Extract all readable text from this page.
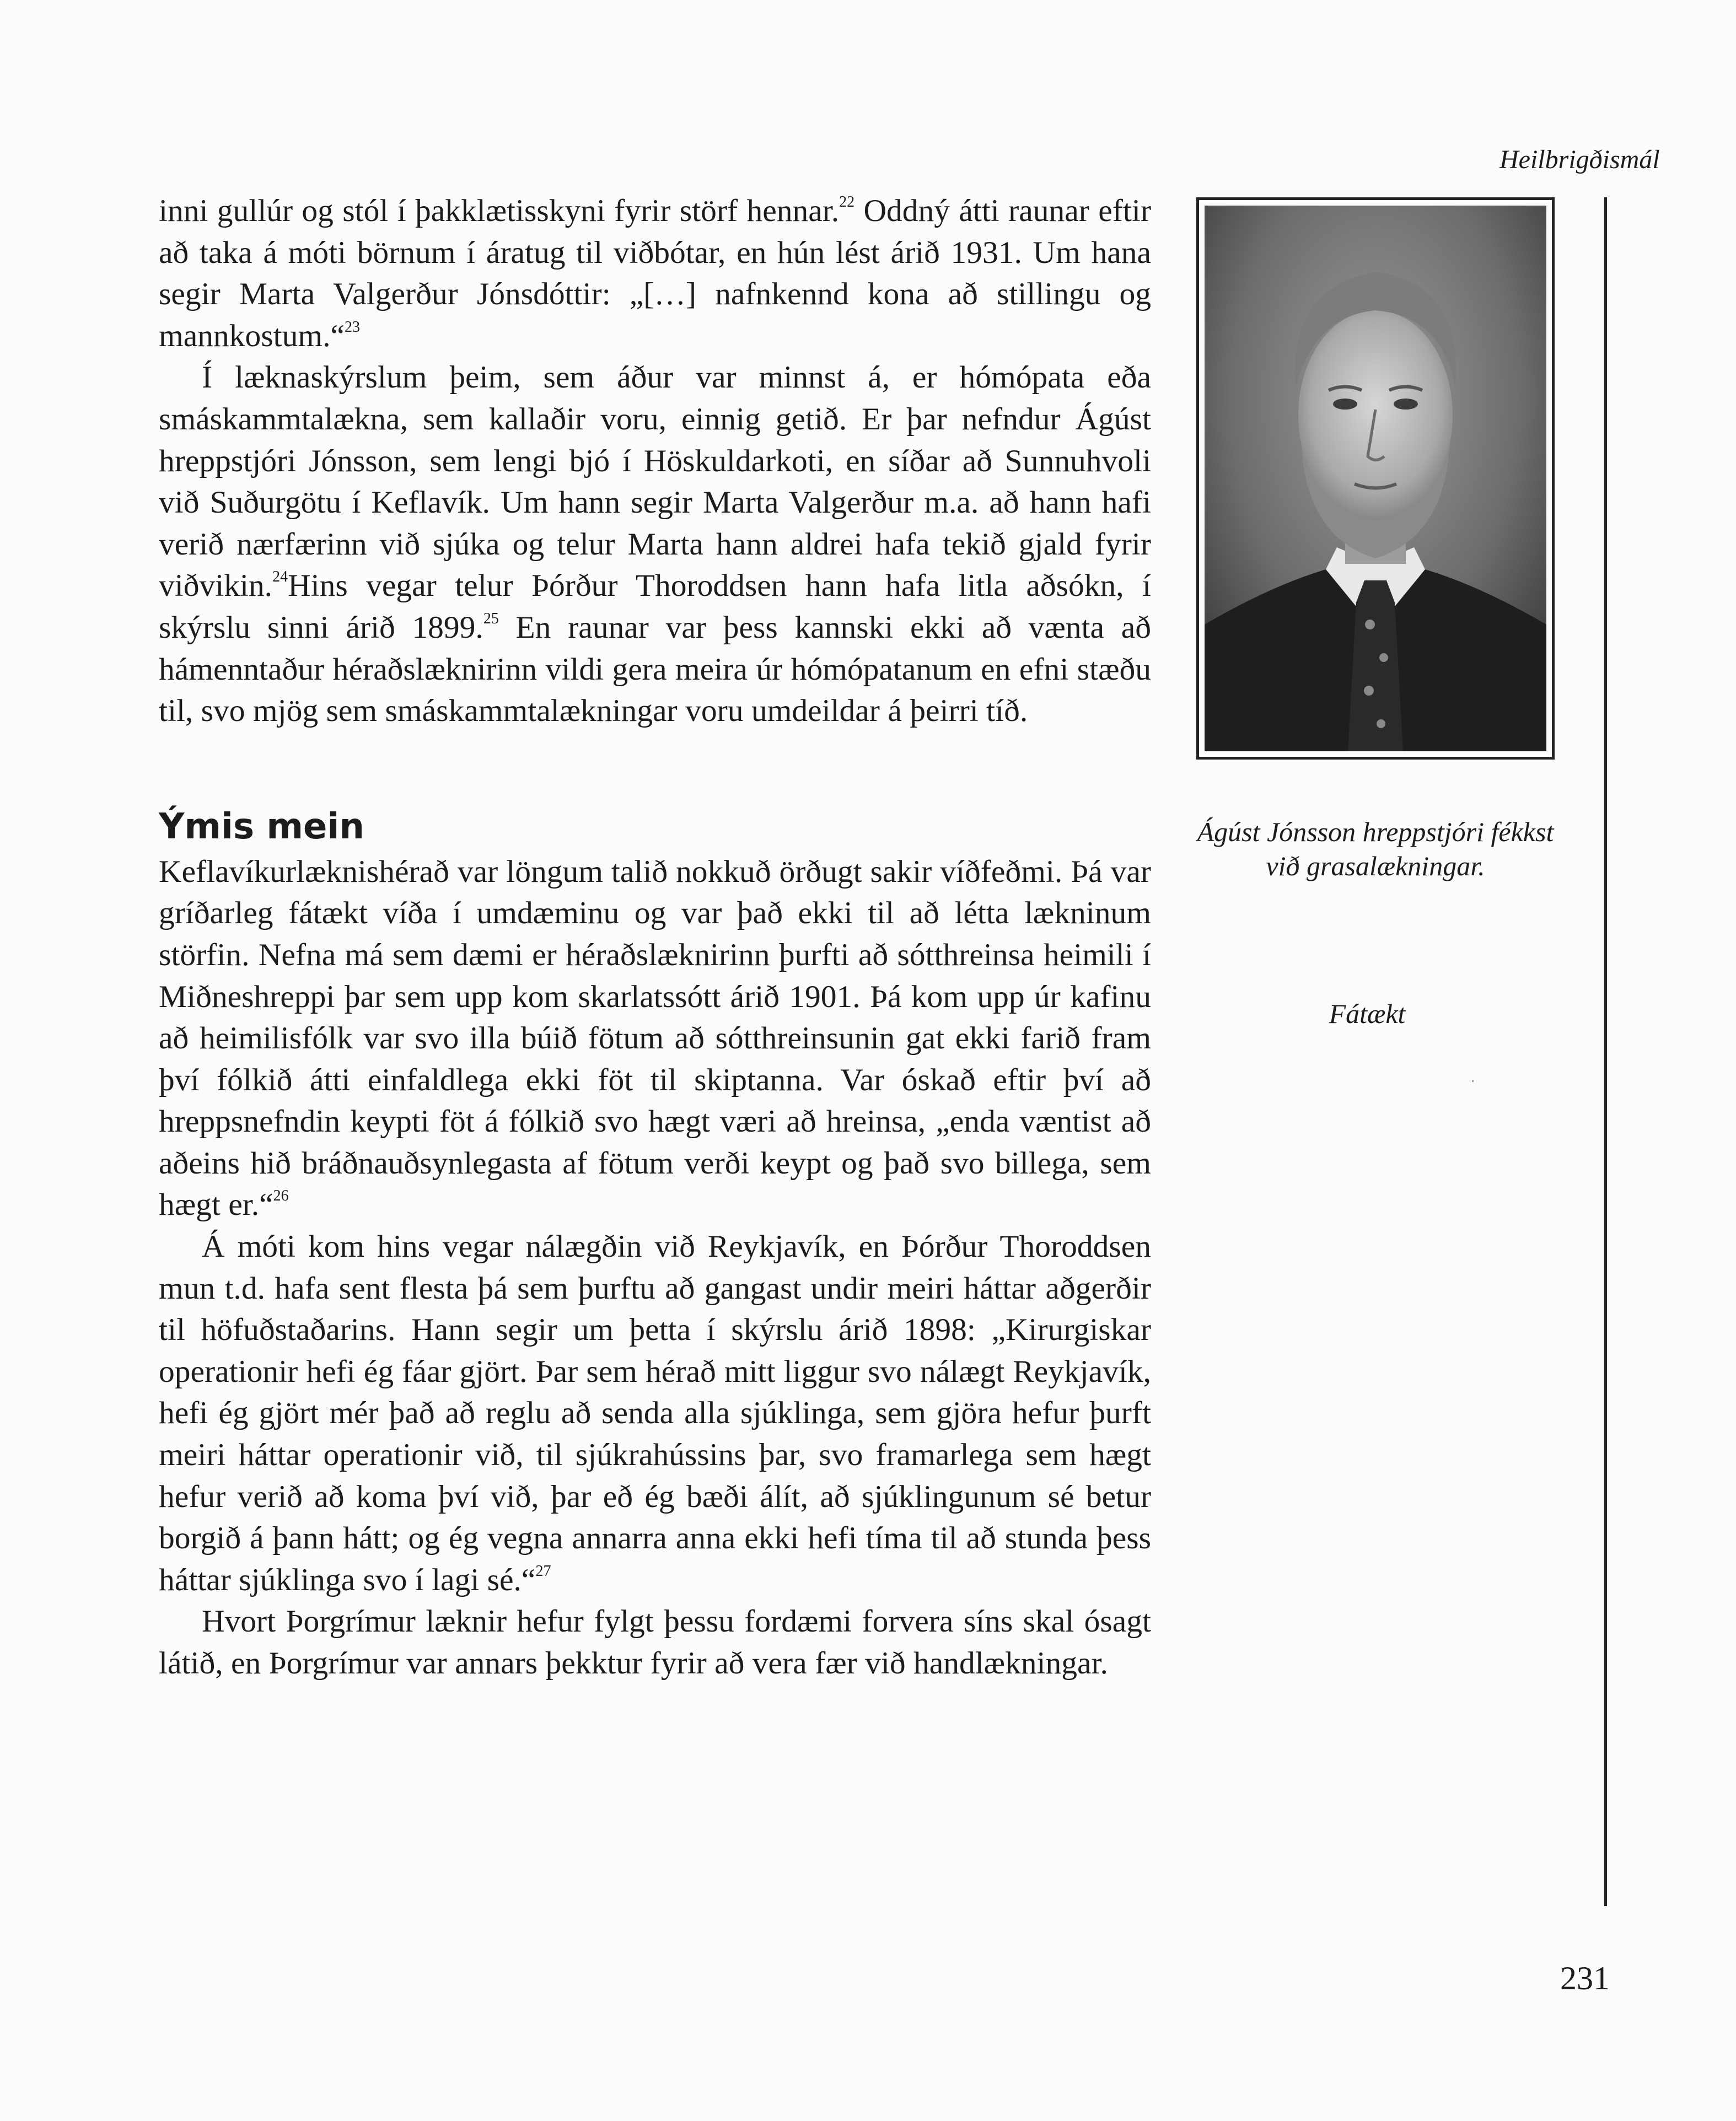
Heilbrigðismál

inni gullúr og stól í þakklætisskyni fyrir störf hennar.$^{22}$ Oddný átti raunar eftir að taka á móti börnum í áratug til viðbótar, en hún lést árið 1931. Um hana segir Marta Valgerður Jónsdóttir: „[…] nafnkennd kona að stillingu og mannkostum.“$^{23}$

Í læknaskýrslum þeim, sem áður var minnst á, er hómópata eða smáskammtalækna, sem kallaðir voru, einnig getið. Er þar nefndur Ágúst hreppstjóri Jónsson, sem lengi bjó í Höskuldarkoti, en síðar að Sunnuhvoli við Suðurgötu í Keflavík. Um hann segir Marta Valgerður m.a. að hann hafi verið nærfærinn við sjúka og telur Marta hann aldrei hafa tekið gjald fyrir viðvikin.$^{24}$Hins vegar telur Þórður Thoroddsen hann hafa litla aðsókn, í skýrslu sinni árið 1899.25 En raunar var þess kannski ekki að vænta að hámenntaður héraðslæknirinn vildi gera meira úr hómópatanum en efni stæðu til, svo mjög sem smáskammtalækningar voru umdeildar á þeirri tíð.

Ýmis mein

Keflavíkurlæknishérað var löngum talið nokkuð örðugt sakir víðfeðmi. Þá var gríðarleg fátækt víða í umdæminu og var það ekki til að létta lækninum störfin. Nefna má sem dæmi er héraðslæknirinn þurfti að sótthreinsa heimili í Miðneshreppi þar sem upp kom skarlatssótt árið 1901. Þá kom upp úr kafinu að heimilisfólk var svo illa búið fötum að sótthreinsunin gat ekki farið fram því fólkið átti einfaldlega ekki föt til skiptanna. Var óskað eftir því að hreppsnefndin keypti föt á fólkið svo hægt væri að hreinsa, „enda væntist að aðeins hið bráðnauðsynlegasta af fötum verði keypt og það svo billega, sem hægt er.“$^{26}$

Á móti kom hins vegar nálægðin við Reykjavík, en Þórður Thoroddsen mun t.d. hafa sent flesta þá sem þurftu að gangast undir meiri háttar aðgerðir til höfuðstaðarins. Hann segir um þetta í skýrslu árið 1898: „Kirurgiskar operationir hefi ég fáar gjört. Þar sem hérað mitt liggur svo nálægt Reykjavík, hefi ég gjört mér það að reglu að senda alla sjúklinga, sem gjöra hefur þurft meiri háttar operationir við, til sjúkrahússins þar, svo framarlega sem hægt hefur verið að koma því við, þar eð ég bæði álít, að sjúklingunum sé betur borgið á þann hátt; og ég vegna annarra anna ekki hefi tíma til að stunda þess háttar sjúklinga svo í lagi sé.“$^{27}$

Hvort Þorgrímur læknir hefur fylgt þessu fordæmi forvera síns skal ósagt látið, en Þorgrímur var annars þekktur fyrir að vera fær við handlækningar.

Ágúst Jónsson hreppstjóri fékkst við grasalækningar.
Fátækt
231
